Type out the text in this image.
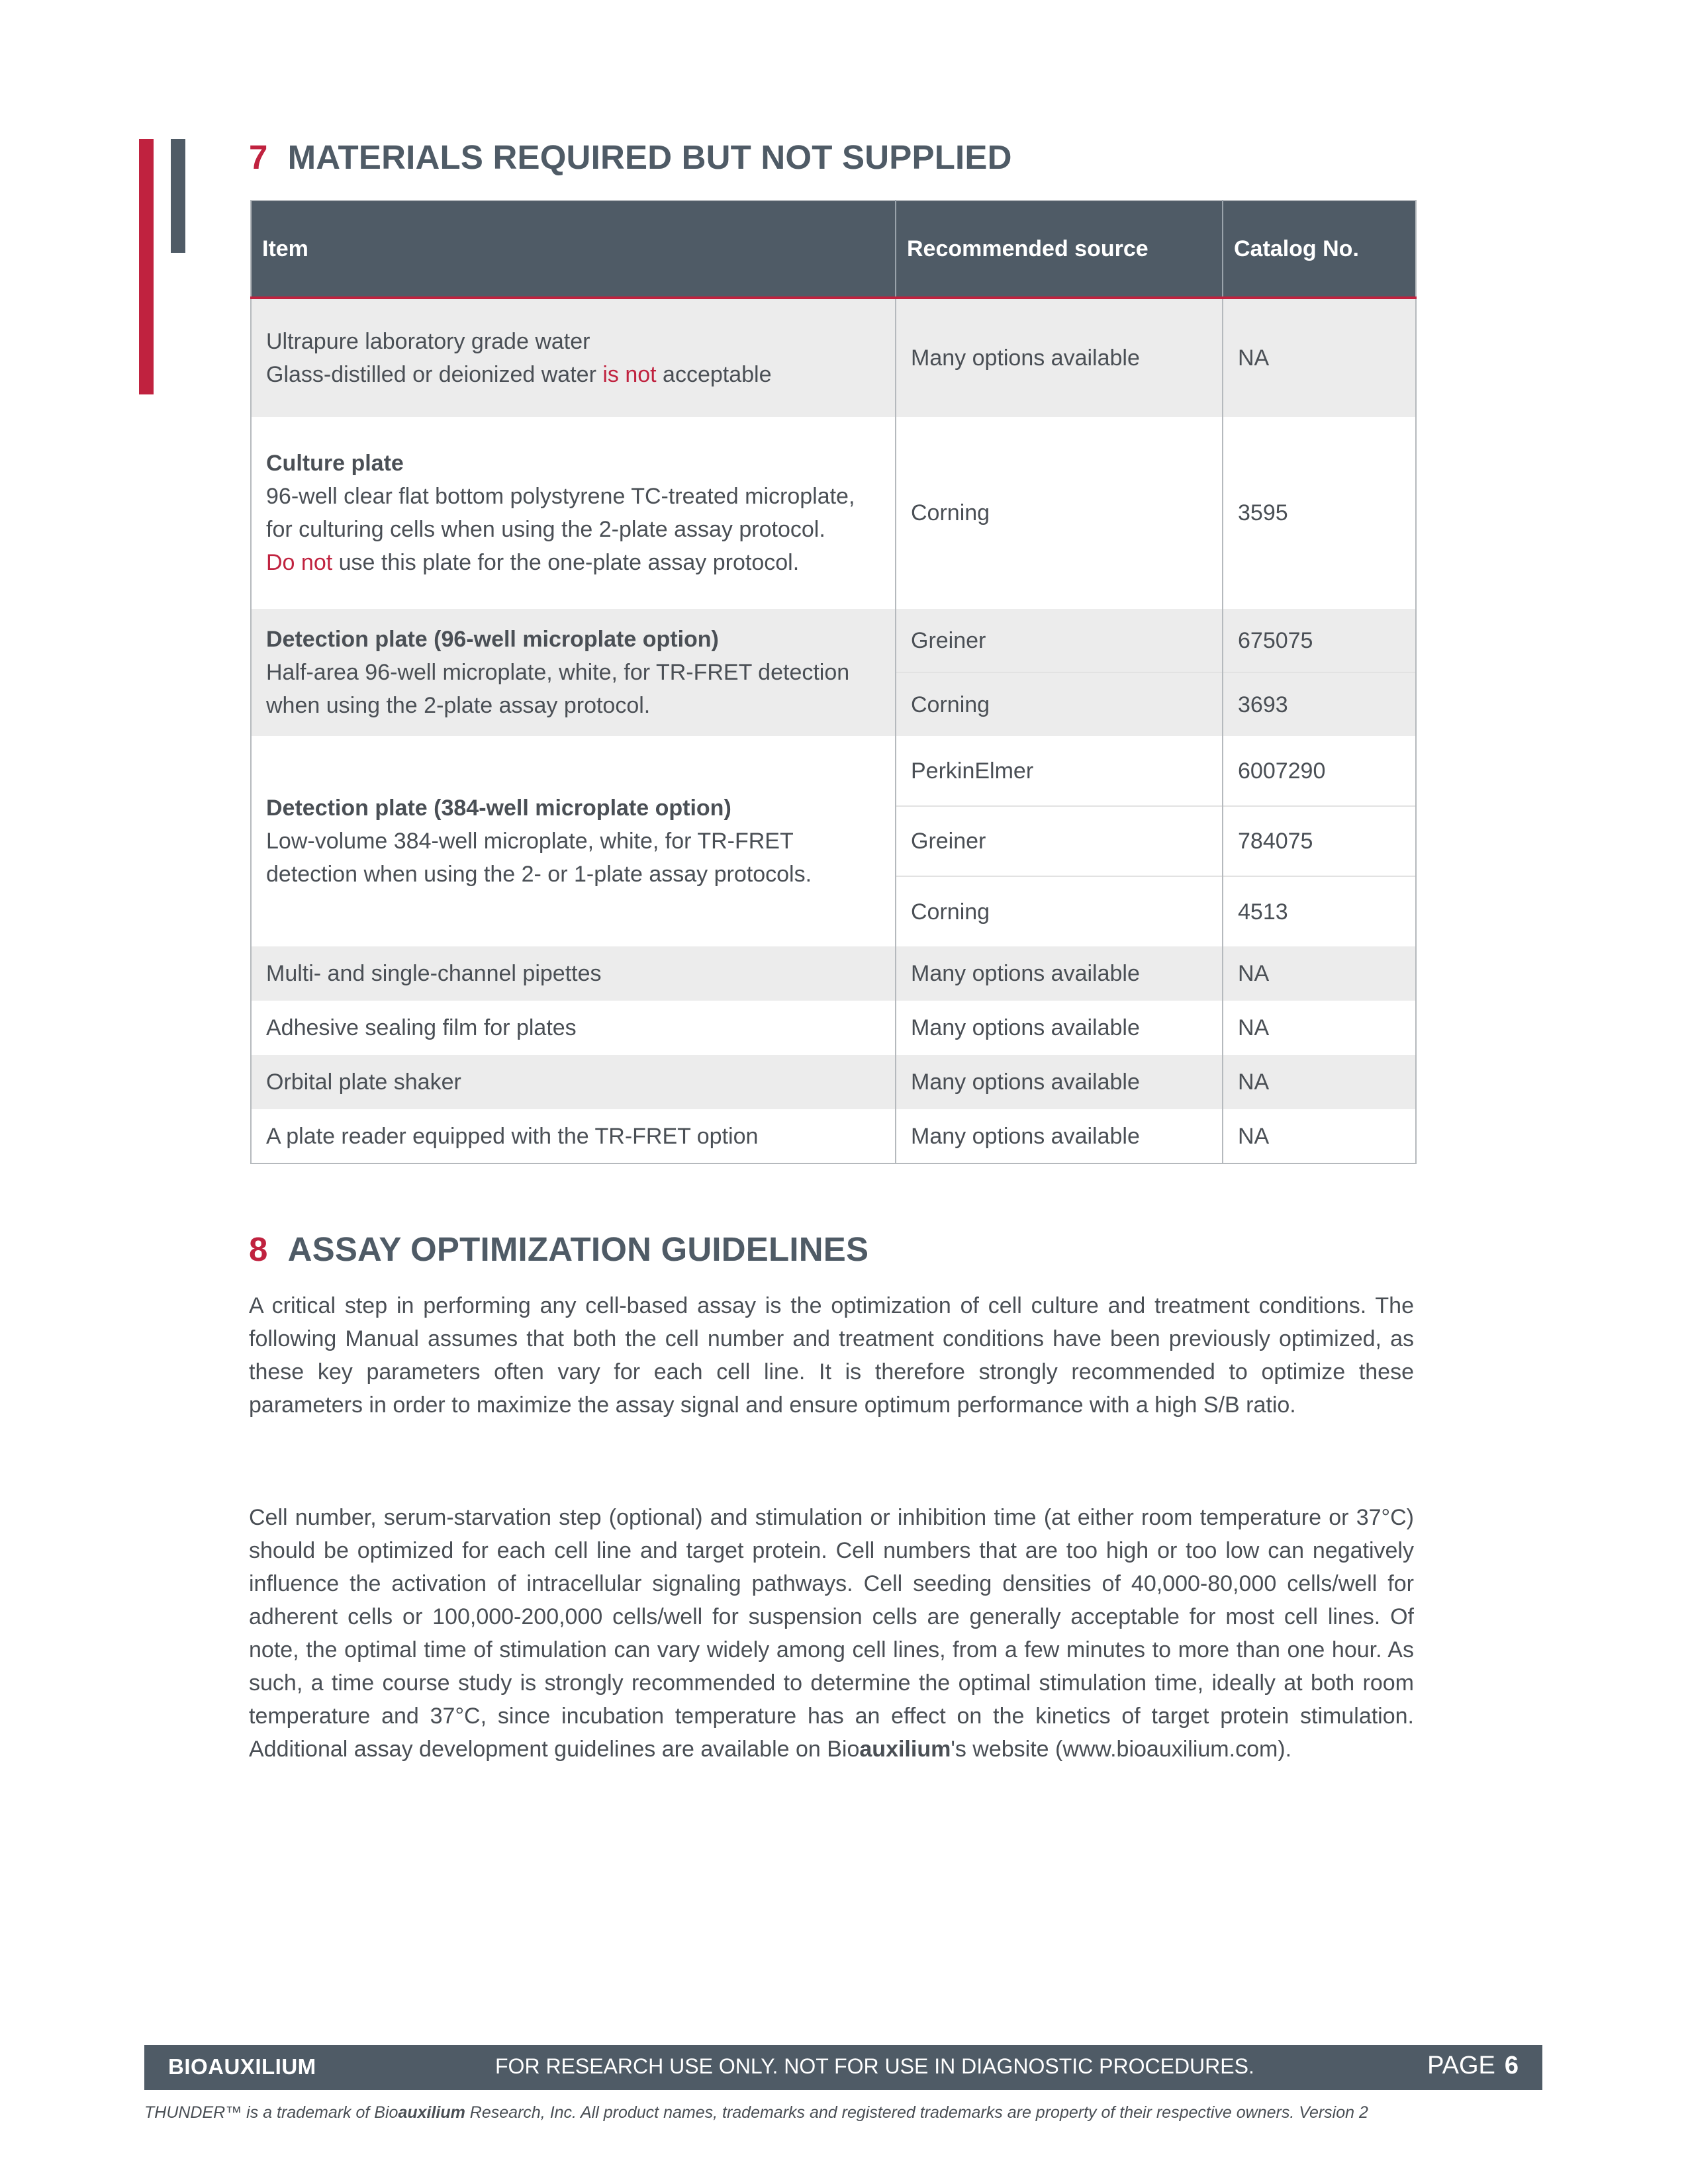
7 MATERIALS REQUIRED BUT NOT SUPPLIED
Item	Recommended source	Catalog No.

Ultrapure laboratory grade water
Glass-distilled or deionized water is not acceptable	Many options available	NA

Culture plate
96-well clear flat bottom polystyrene TC-treated microplate, for culturing cells when using the 2-plate assay protocol.
Do not use this plate for the one-plate assay protocol.	Corning	3595

Detection plate (96-well microplate option)
Half-area 96-well microplate, white, for TR-FRET detection when using the 2-plate assay protocol.	Greiner	675075
	Corning	3693

Detection plate (384-well microplate option)
Low-volume 384-well microplate, white, for TR-FRET detection when using the 2- or 1-plate assay protocols.	PerkinElmer	6007290
	Greiner	784075
	Corning	4513
Multi- and single-channel pipettes	Many options available	NA
Adhesive sealing film for plates	Many options available	NA
Orbital plate shaker	Many options available	NA
A plate reader equipped with the TR-FRET option	Many options available	NA
8 ASSAY OPTIMIZATION GUIDELINES

A critical step in performing any cell-based assay is the optimization of cell culture and treatment conditions. The following Manual assumes that both the cell number and treatment conditions have been previously optimized, as these key parameters often vary for each cell line. It is therefore strongly recommended to optimize these parameters in order to maximize the assay signal and ensure optimum performance with a high S/B ratio.

Cell number, serum-starvation step (optional) and stimulation or inhibition time (at either room temperature or 37°C) should be optimized for each cell line and target protein. Cell numbers that are too high or too low can negatively influence the activation of intracellular signaling pathways. Cell seeding densities of 40,000-80,000 cells/well for adherent cells or 100,000-200,000 cells/well for suspension cells are generally acceptable for most cell lines. Of note, the optimal time of stimulation can vary widely among cell lines, from a few minutes to more than one hour. As such, a time course study is strongly recommended to determine the optimal stimulation time, ideally at both room temperature and 37°C, since incubation temperature has an effect on the kinetics of target protein stimulation. Additional assay development guidelines are available on Bioauxilium's website (www.bioauxilium.com).

BIOAUXILIUM	FOR RESEARCH USE ONLY. NOT FOR USE IN DIAGNOSTIC PROCEDURES.	PAGE 6
THUNDER™ is a trademark of Bioauxilium Research, Inc. All product names, trademarks and registered trademarks are property of their respective owners. Version 2
